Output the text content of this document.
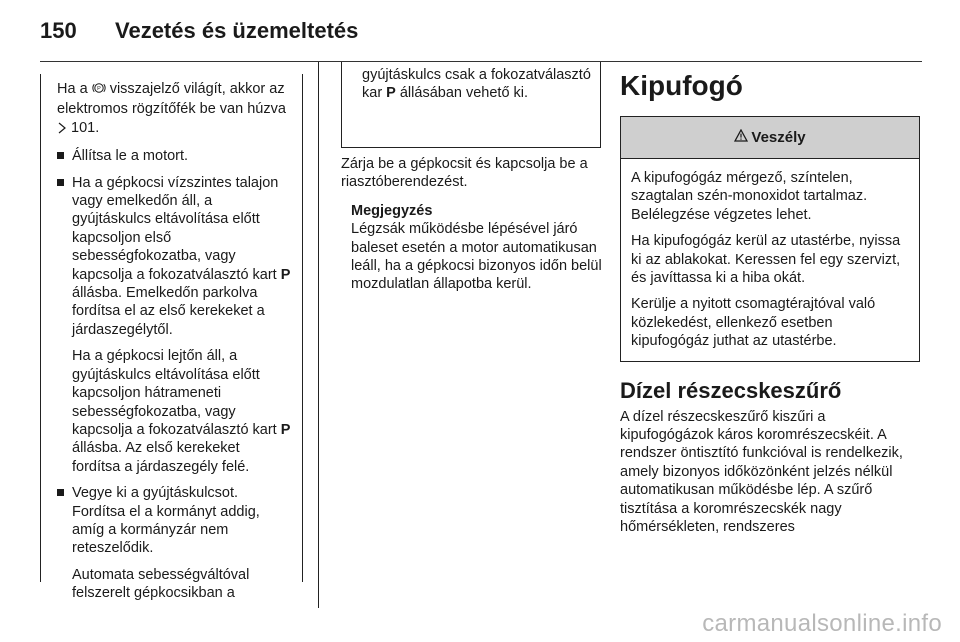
150 Vezetés és üzemeltetés

Ha a P visszajelző világít, akkor az elektromos rögzítőfék be van húzva  101.

Állítsa le a motort.
Ha a gépkocsi vízszintes talajon vagy emelkedőn áll, a gyújtáskulcs eltávolítása előtt kapcsoljon első sebességfokozatba, vagy kapcsolja a fokozatválasztó kart P állásba. Emelkedőn parkolva fordítsa el az első kerekeket a járdaszegélytől.

Ha a gépkocsi lejtőn áll, a gyújtáskulcs eltávolítása előtt kapcsoljon hátrameneti sebességfokozatba, vagy kapcsolja a fokozatválasztó kart P állásba. Az első kerekeket fordítsa a járdaszegély felé.

Vegye ki a gyújtáskulcsot. Fordítsa el a kormányt addig, amíg a kormányzár nem reteszelődik.

Automata sebességváltóval felszerelt gépkocsikban a

gyújtáskulcs csak a fokozatválasztó kar P állásában vehető ki.

Zárja be a gépkocsit és kapcsolja be a riasztóberendezést.

Megjegyzés

Légzsák működésbe lépésével járó baleset esetén a motor automatikusan leáll, ha a gépkocsi bizonyos időn belül mozdulatlan állapotba kerül.

Kipufogó
Veszély

A kipufogógáz mérgező, színtelen, szagtalan szén-monoxidot tartalmaz. Belélegzése végzetes lehet.

Ha kipufogógáz kerül az utastérbe, nyissa ki az ablakokat. Keressen fel egy szervizt, és javíttassa ki a hiba okát.

Kerülje a nyitott csomagtérajtóval való közlekedést, ellenkező esetben kipufogógáz juthat az utastérbe.

Dízel részecskeszűrő

A dízel részecskeszűrő kiszűri a kipufogógázok káros koromrészecskéit. A rendszer öntisztító funkcióval is rendelkezik, amely bizonyos időközönként jelzés nélkül automatikusan működésbe lép. A szűrő tisztítása a koromrészecskék nagy hőmérsékleten, rendszeres

carmanualsonline.info
